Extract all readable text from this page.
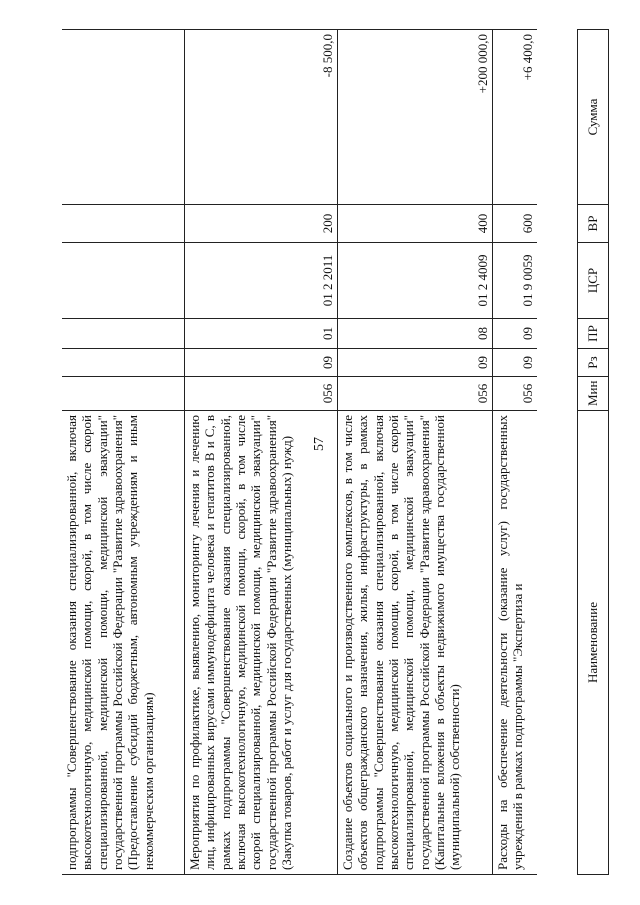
57
подпрограммы "Совершенствование оказания специализированной, включая высокотехнологичную, медицинской помощи, скорой, в том числе скорой специализированной, медицинской помощи, медицинской эвакуации" государственной программы Российской Федерации "Развитие здравоохранения" (Предоставление субсидий бюджетным, автономным учреждениям и иным некоммерческим организациям)						
Мероприятия по профилактике, выявлению, мониторингу лечения и лечению лиц, инфицированных вирусами иммунодефицита человека и гепатитов В и С, в рамках подпрограммы "Совершенствование оказания специализированной, включая высокотехнологичную, медицинской помощи, скорой, в том числе скорой специализированной, медицинской помощи, медицинской эвакуации" государственной программы Российской Федерации "Развитие здравоохранения" (Закупка товаров, работ и услуг для государственных (муниципальных) нужд)	056	09	01	01 2 2011	200	-8 500,0
Создание объектов социального и производственного комплексов, в том числе объектов общегражданского назначения, жилья, инфраструктуры, в рамках подпрограммы "Совершенствование оказания специализированной, включая высокотехнологичную, медицинской помощи, скорой, в том числе скорой специализированной, медицинской помощи, медицинской эвакуации" государственной программы Российской Федерации "Развитие здравоохранения" (Капитальные вложения в объекты недвижимого имущества государственной (муниципальной) собственности)	056	09	08	01 2 4009	400	+200 000,0
Расходы на обеспечение деятельности (оказание услуг) государственных учреждений в рамках подпрограммы "Экспертиза и	056	09	09	01 9 0059	600	+6 400,0
Наименование	Мин	Рз	ПР	ЦСР	ВР	Сумма
